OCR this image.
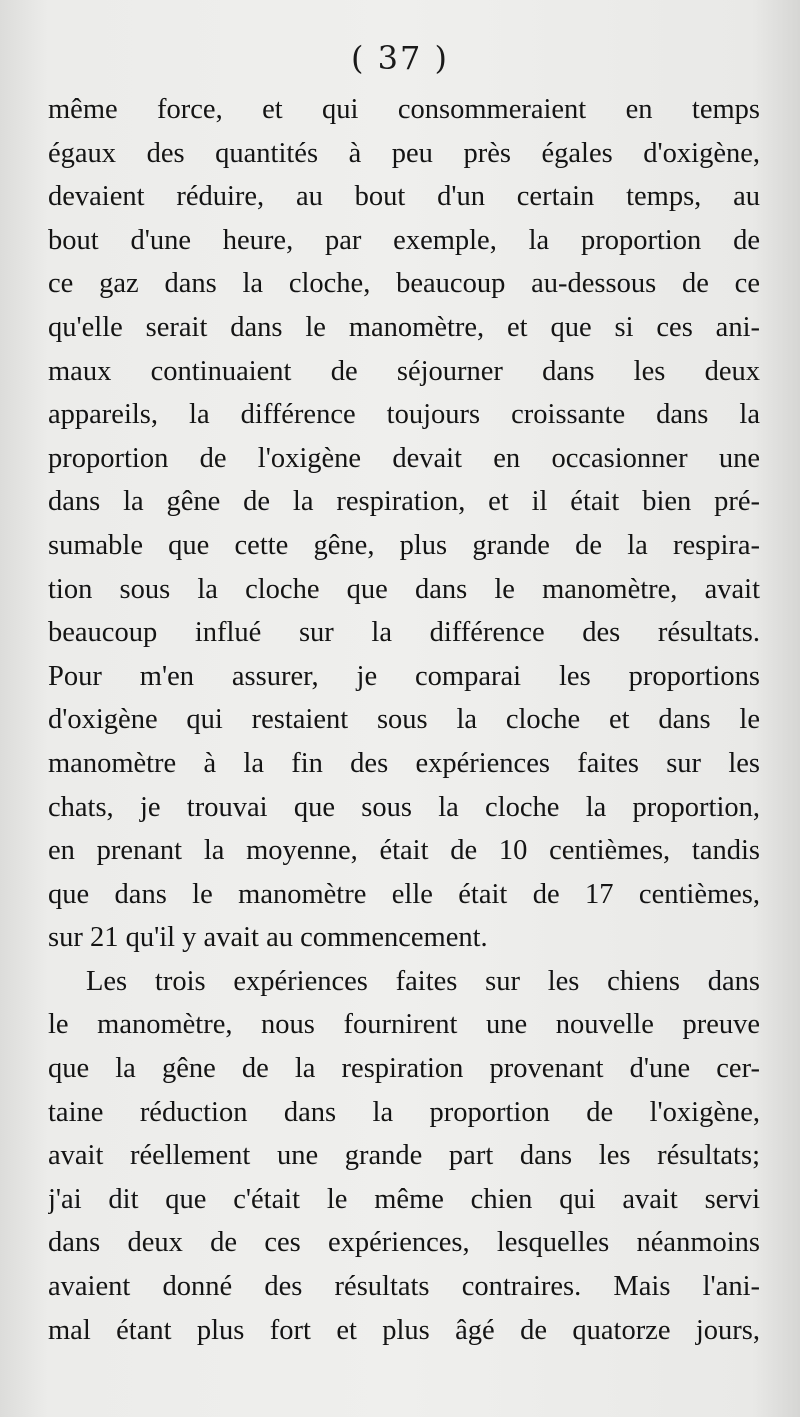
( 37 )
même force, et qui consommeraient en temps
égaux des quantités à peu près égales d'oxigène,
devaient réduire, au bout d'un certain temps, au
bout d'une heure, par exemple, la proportion de
ce gaz dans la cloche, beaucoup au-dessous de ce
qu'elle serait dans le manomètre, et que si ces ani-
maux continuaient de séjourner dans les deux
appareils, la différence toujours croissante dans la
proportion de l'oxigène devait en occasionner une
dans la gêne de la respiration, et il était bien pré-
sumable que cette gêne, plus grande de la respira-
tion sous la cloche que dans le manomètre, avait
beaucoup influé sur la différence des résultats.
Pour m'en assurer, je comparai les proportions
d'oxigène qui restaient sous la cloche et dans le
manomètre à la fin des expériences faites sur les
chats, je trouvai que sous la cloche la proportion,
en prenant la moyenne, était de 10 centièmes, tandis
que dans le manomètre elle était de 17 centièmes,
sur 21 qu'il y avait au commencement.
Les trois expériences faites sur les chiens dans
le manomètre, nous fournirent une nouvelle preuve
que la gêne de la respiration provenant d'une cer-
taine réduction dans la proportion de l'oxigène,
avait réellement une grande part dans les résultats;
j'ai dit que c'était le même chien qui avait servi
dans deux de ces expériences, lesquelles néanmoins
avaient donné des résultats contraires. Mais l'ani-
mal étant plus fort et plus âgé de quatorze jours,
